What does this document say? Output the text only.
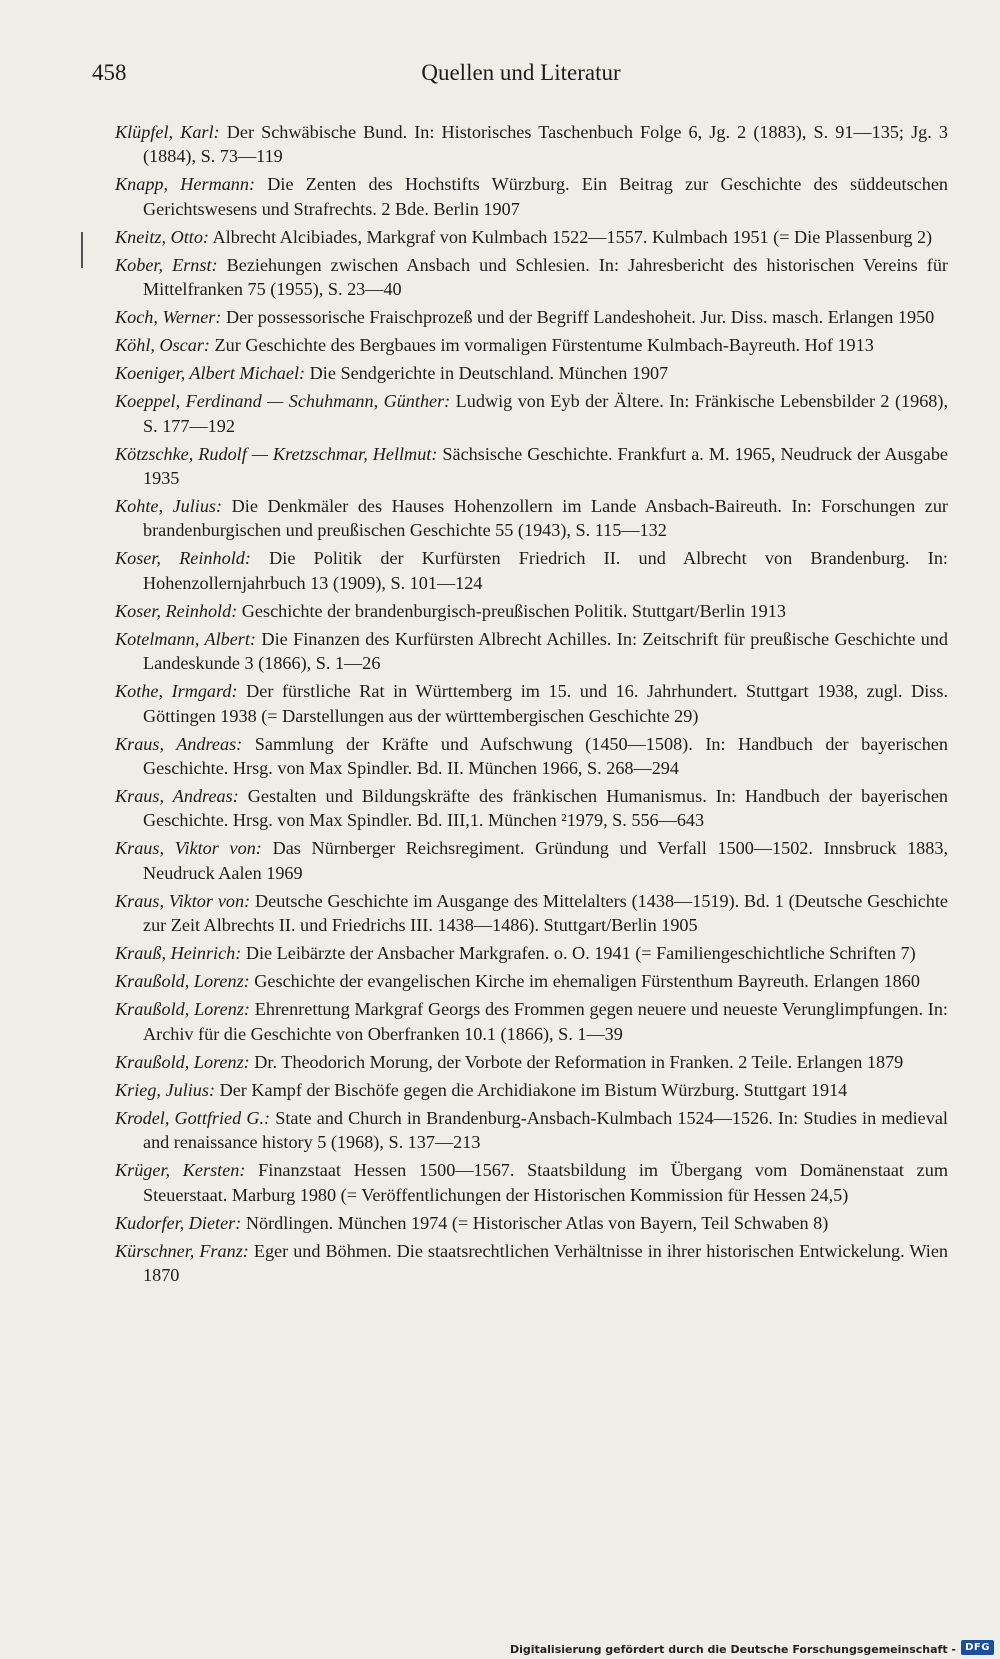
458	Quellen und Literatur

Klüpfel, Karl: Der Schwäbische Bund. In: Historisches Taschenbuch Folge 6, Jg. 2 (1883), S. 91—135; Jg. 3 (1884), S. 73—119

Knapp, Hermann: Die Zenten des Hochstifts Würzburg. Ein Beitrag zur Geschichte des süddeutschen Gerichtswesens und Strafrechts. 2 Bde. Berlin 1907

Kneitz, Otto: Albrecht Alcibiades, Markgraf von Kulmbach 1522—1557. Kulmbach 1951 (= Die Plassenburg 2)

Kober, Ernst: Beziehungen zwischen Ansbach und Schlesien. In: Jahresbericht des historischen Vereins für Mittelfranken 75 (1955), S. 23—40

Koch, Werner: Der possessorische Fraischprozeß und der Begriff Landeshoheit. Jur. Diss. masch. Erlangen 1950

Köhl, Oscar: Zur Geschichte des Bergbaues im vormaligen Fürstentume Kulmbach-Bayreuth. Hof 1913

Koeniger, Albert Michael: Die Sendgerichte in Deutschland. München 1907

Koeppel, Ferdinand — Schuhmann, Günther: Ludwig von Eyb der Ältere. In: Fränkische Lebensbilder 2 (1968), S. 177—192

Kötzschke, Rudolf — Kretzschmar, Hellmut: Sächsische Geschichte. Frankfurt a. M. 1965, Neudruck der Ausgabe 1935

Kohte, Julius: Die Denkmäler des Hauses Hohenzollern im Lande Ansbach-Baireuth. In: Forschungen zur brandenburgischen und preußischen Geschichte 55 (1943), S. 115—132

Koser, Reinhold: Die Politik der Kurfürsten Friedrich II. und Albrecht von Brandenburg. In: Hohenzollernjahrbuch 13 (1909), S. 101—124

Koser, Reinhold: Geschichte der brandenburgisch-preußischen Politik. Stuttgart/Berlin 1913

Kotelmann, Albert: Die Finanzen des Kurfürsten Albrecht Achilles. In: Zeitschrift für preußische Geschichte und Landeskunde 3 (1866), S. 1—26

Kothe, Irmgard: Der fürstliche Rat in Württemberg im 15. und 16. Jahrhundert. Stuttgart 1938, zugl. Diss. Göttingen 1938 (= Darstellungen aus der württembergischen Geschichte 29)

Kraus, Andreas: Sammlung der Kräfte und Aufschwung (1450—1508). In: Handbuch der bayerischen Geschichte. Hrsg. von Max Spindler. Bd. II. München 1966, S. 268—294

Kraus, Andreas: Gestalten und Bildungskräfte des fränkischen Humanismus. In: Handbuch der bayerischen Geschichte. Hrsg. von Max Spindler. Bd. III,1. München ²1979, S. 556—643

Kraus, Viktor von: Das Nürnberger Reichsregiment. Gründung und Verfall 1500—1502. Innsbruck 1883, Neudruck Aalen 1969

Kraus, Viktor von: Deutsche Geschichte im Ausgange des Mittelalters (1438—1519). Bd. 1 (Deutsche Geschichte zur Zeit Albrechts II. und Friedrichs III. 1438—1486). Stuttgart/Berlin 1905

Krauß, Heinrich: Die Leibärzte der Ansbacher Markgrafen. o. O. 1941 (= Familiengeschichtliche Schriften 7)

Kraußold, Lorenz: Geschichte der evangelischen Kirche im ehemaligen Fürstenthum Bayreuth. Erlangen 1860

Kraußold, Lorenz: Ehrenrettung Markgraf Georgs des Frommen gegen neuere und neueste Verunglimpfungen. In: Archiv für die Geschichte von Oberfranken 10.1 (1866), S. 1—39

Kraußold, Lorenz: Dr. Theodorich Morung, der Vorbote der Reformation in Franken. 2 Teile. Erlangen 1879

Krieg, Julius: Der Kampf der Bischöfe gegen die Archidiakone im Bistum Würzburg. Stuttgart 1914

Krodel, Gottfried G.: State and Church in Brandenburg-Ansbach-Kulmbach 1524—1526. In: Studies in medieval and renaissance history 5 (1968), S. 137—213

Krüger, Kersten: Finanzstaat Hessen 1500—1567. Staatsbildung im Übergang vom Domänenstaat zum Steuerstaat. Marburg 1980 (= Veröffentlichungen der Historischen Kommission für Hessen 24,5)

Kudorfer, Dieter: Nördlingen. München 1974 (= Historischer Atlas von Bayern, Teil Schwaben 8)

Kürschner, Franz: Eger und Böhmen. Die staatsrechtlichen Verhältnisse in ihrer historischen Entwickelung. Wien 1870

Digitalisierung gefördert durch die Deutsche Forschungsgemeinschaft - DFG
